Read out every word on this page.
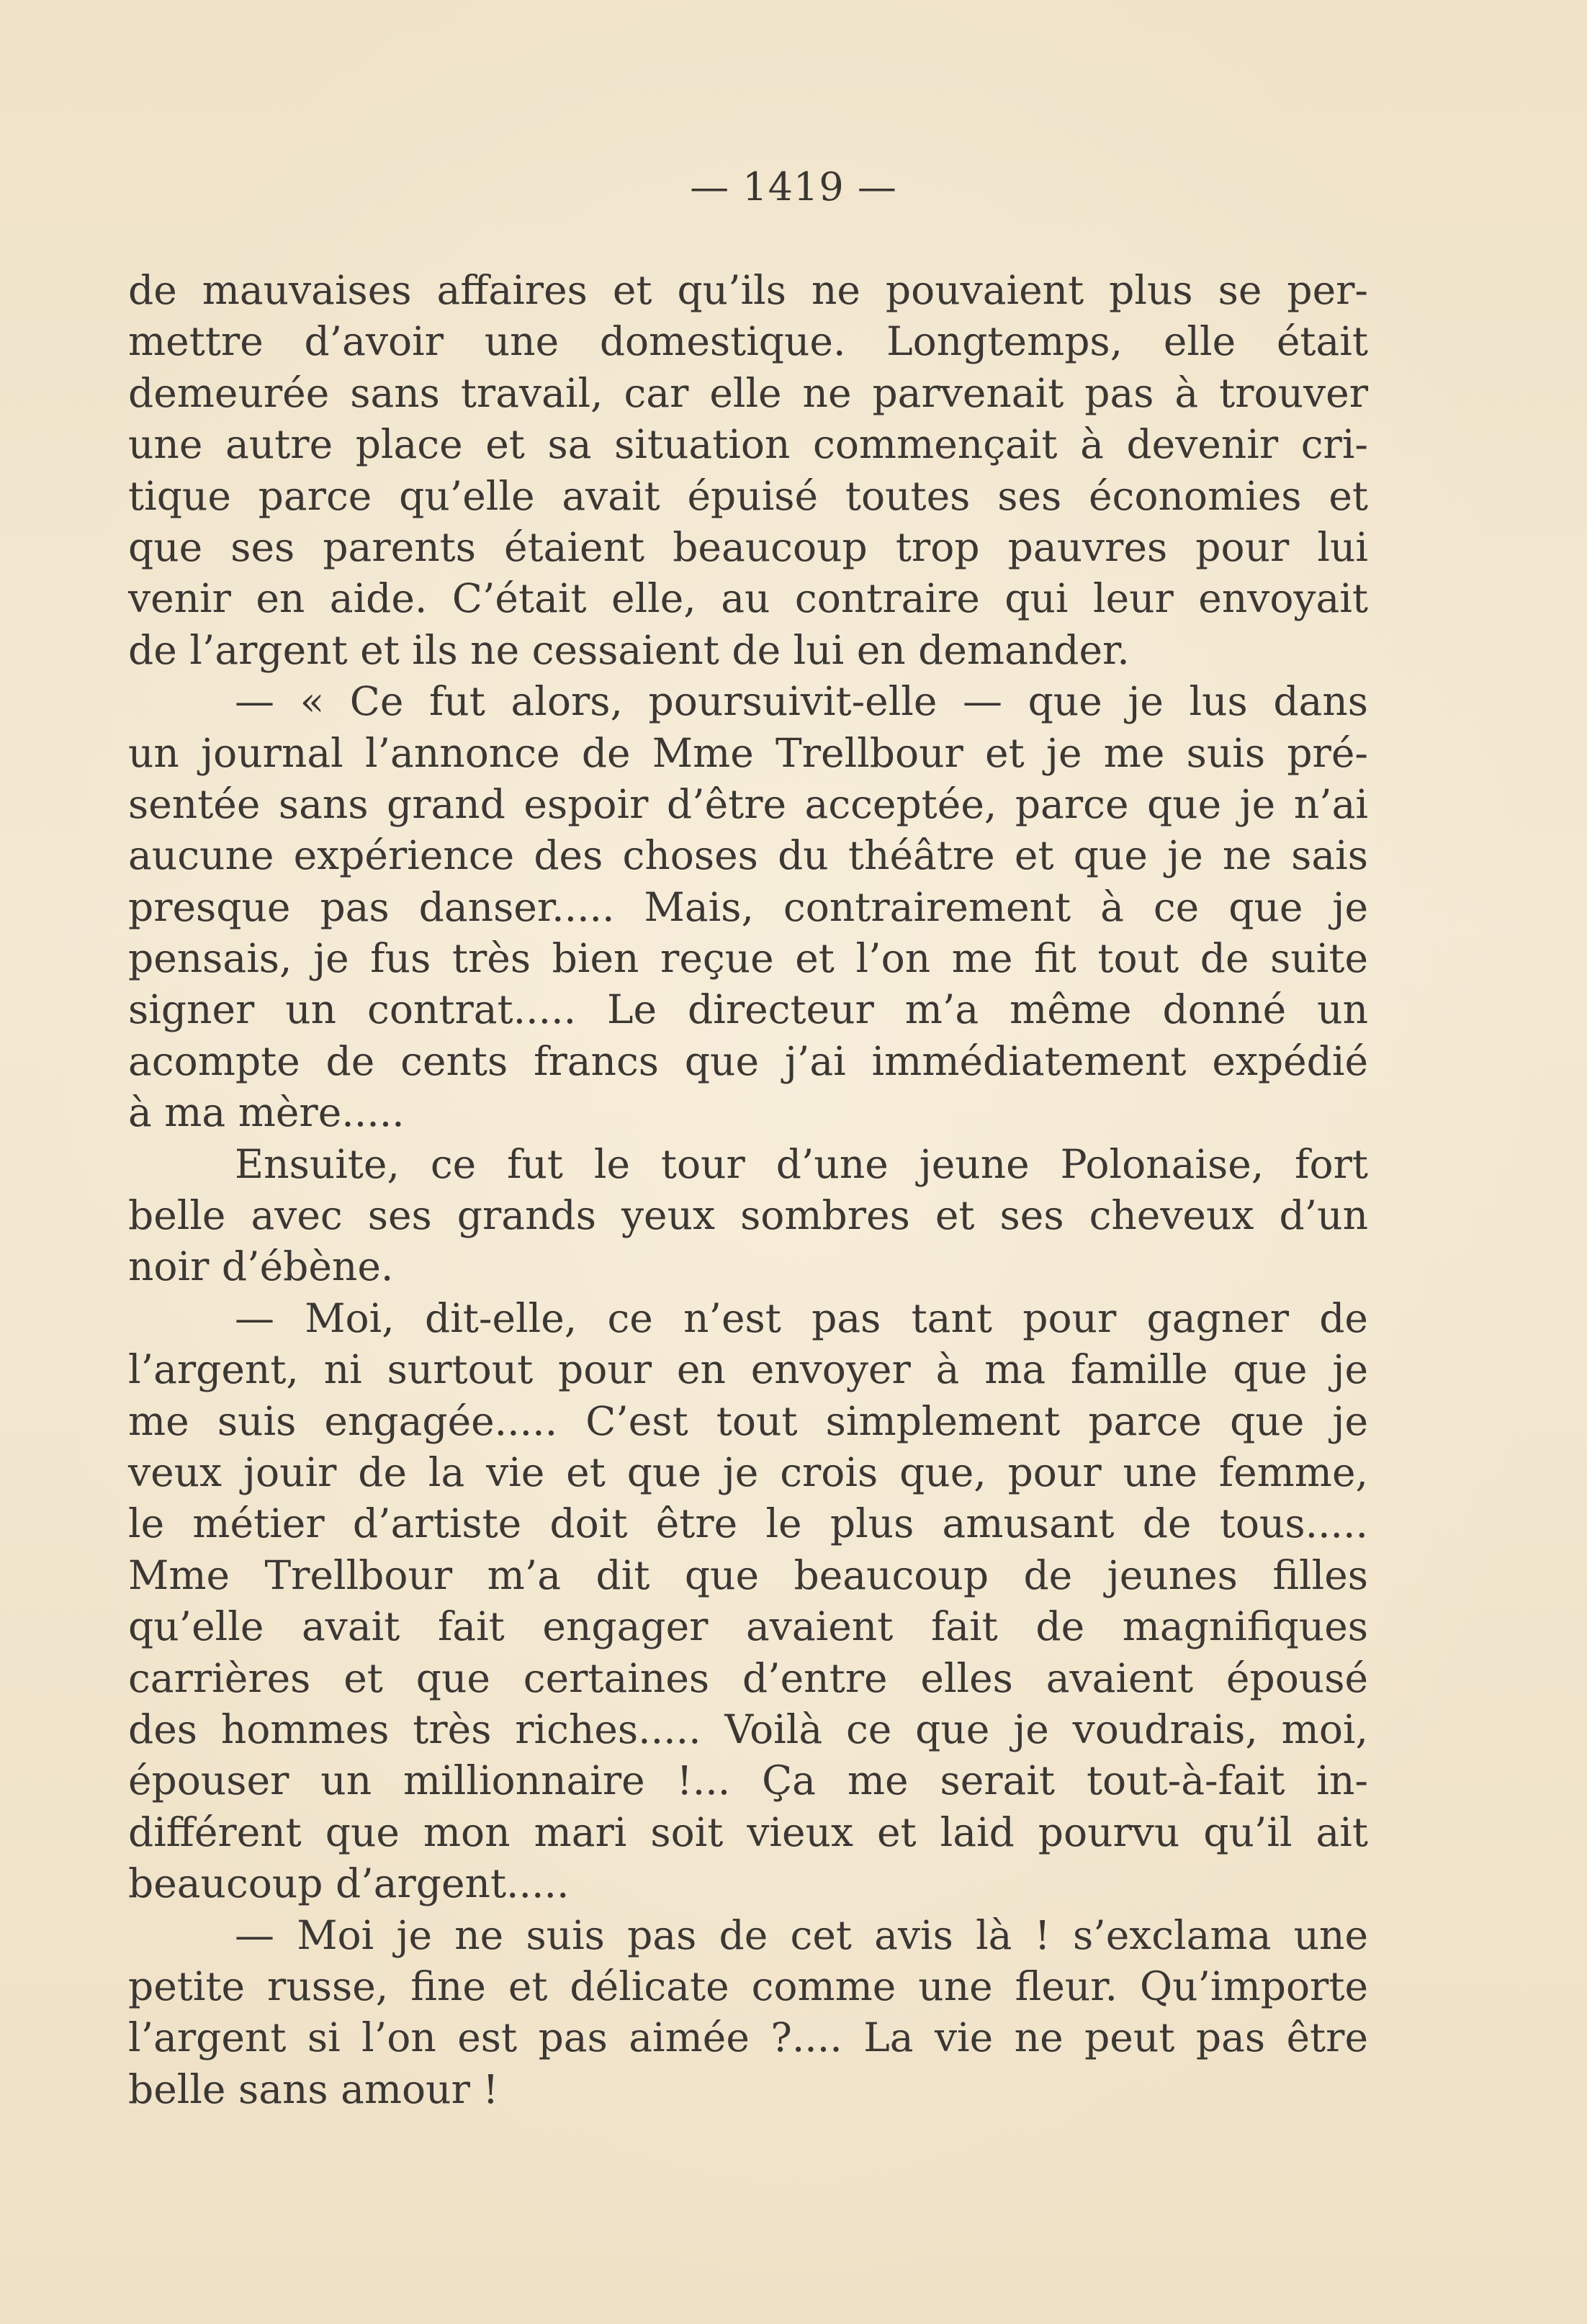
— 1419 —
de mauvaises affaires et qu’ils ne pouvaient plus se per-
mettre d’avoir une domestique. Longtemps, elle était
demeurée sans travail, car elle ne parvenait pas à trouver
une autre place et sa situation commençait à devenir cri-
tique parce qu’elle avait épuisé toutes ses économies et
que ses parents étaient beaucoup trop pauvres pour lui
venir en aide. C’était elle, au contraire qui leur envoyait
de l’argent et ils ne cessaient de lui en demander.
— « Ce fut alors, poursuivit-elle — que je lus dans
un journal l’annonce de Mme Trellbour et je me suis pré-
sentée sans grand espoir d’être acceptée, parce que je n’ai
aucune expérience des choses du théâtre et que je ne sais
presque pas danser..... Mais, contrairement à ce que je
pensais, je fus très bien reçue et l’on me fit tout de suite
signer un contrat..... Le directeur m’a même donné un
acompte de cents francs que j’ai immédiatement expédié
à ma mère.....
Ensuite, ce fut le tour d’une jeune Polonaise, fort
belle avec ses grands yeux sombres et ses cheveux d’un
noir d’ébène.
— Moi, dit-elle, ce n’est pas tant pour gagner de
l’argent, ni surtout pour en envoyer à ma famille que je
me suis engagée..... C’est tout simplement parce que je
veux jouir de la vie et que je crois que, pour une femme,
le métier d’artiste doit être le plus amusant de tous.....
Mme Trellbour m’a dit que beaucoup de jeunes filles
qu’elle avait fait engager avaient fait de magnifiques
carrières et que certaines d’entre elles avaient épousé
des hommes très riches..... Voilà ce que je voudrais, moi,
épouser un millionnaire !... Ça me serait tout-à-fait in-
différent que mon mari soit vieux et laid pourvu qu’il ait
beaucoup d’argent.....
— Moi je ne suis pas de cet avis là ! s’exclama une
petite russe, fine et délicate comme une fleur. Qu’importe
l’argent si l’on est pas aimée ?.... La vie ne peut pas être
belle sans amour !
